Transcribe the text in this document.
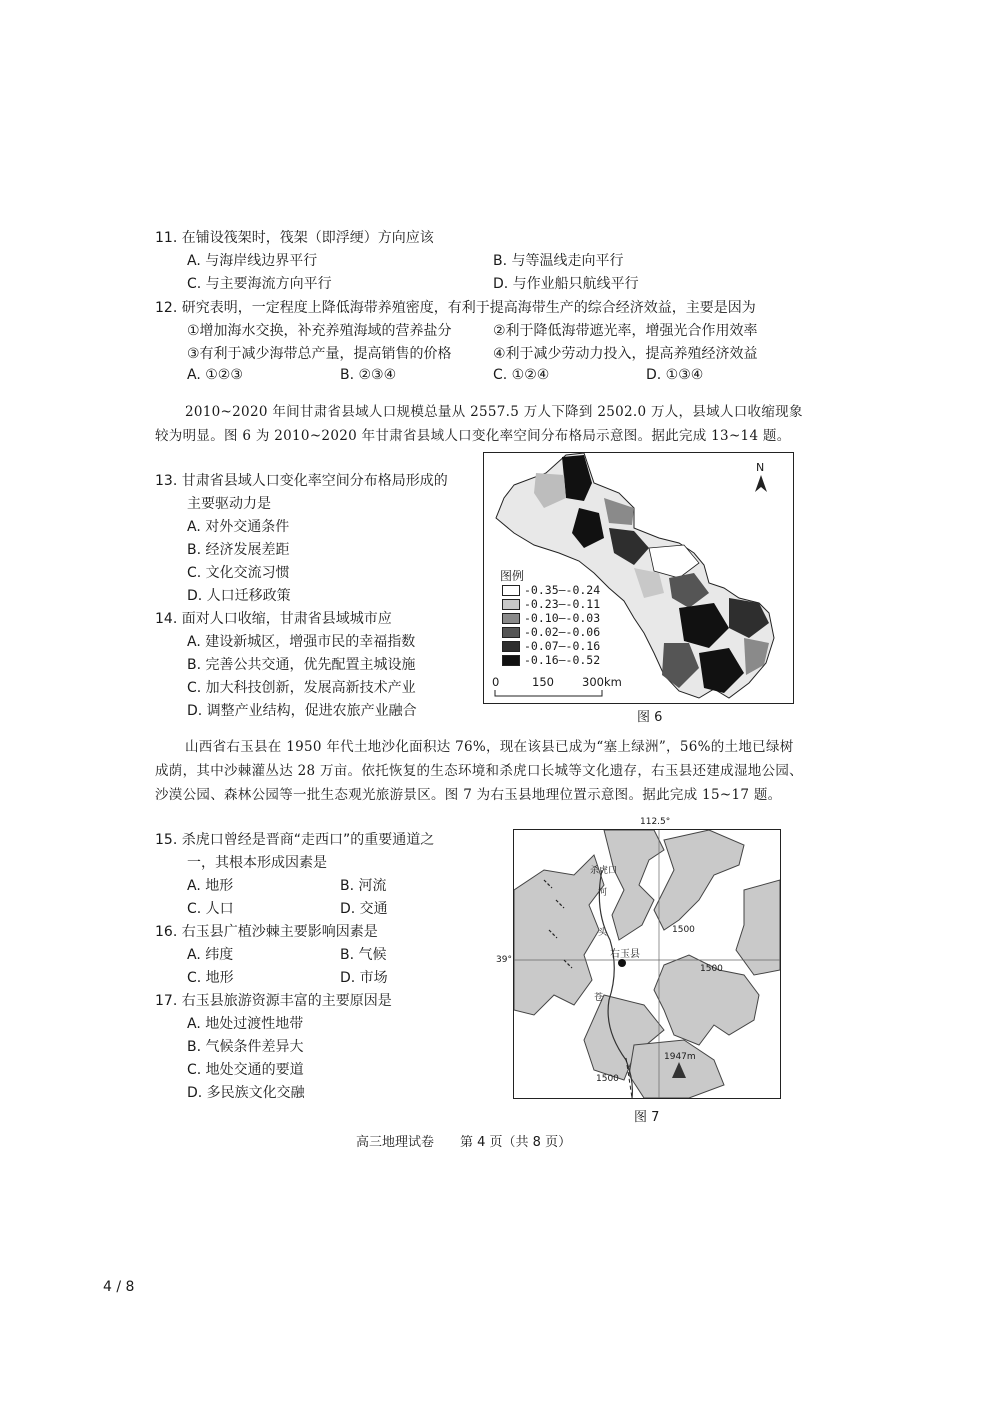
11. 在铺设筏架时，筏架（即浮绠）方向应该
A. 与海岸线边界平行	B. 与等温线走向平行
C. 与主要海流方向平行	D. 与作业船只航线平行
12. 研究表明，一定程度上降低海带养殖密度，有利于提高海带生产的综合经济效益，主要是因为
①增加海水交换，补充养殖海域的营养盐分	②利于降低海带遮光率，增强光合作用效率
③有利于减少海带总产量，提高销售的价格	④利于减少劳动力投入，提高养殖经济效益
A. ①②③	B. ②③④	C. ①②④	D. ①③④
2010~2020 年间甘肃省县域人口规模总量从 2557.5 万人下降到 2502.0 万人，县域人口收缩现象较为明显。图 6 为 2010~2020 年甘肃省县域人口变化率空间分布格局示意图。据此完成 13~14 题。
13. 甘肃省县域人口变化率空间分布格局形成的
主要驱动力是
A. 对外交通条件
B. 经济发展差距
C. 文化交流习惯
D. 人口迁移政策
14. 面对人口收缩，甘肃省县域城市应
A. 建设新城区，增强市民的幸福指数
B. 完善公共交通，优先配置主城设施
C. 加大科技创新，发展高新技术产业
D. 调整产业结构，促进农旅产业融合
N
图例
-0.35–-0.24
-0.23–-0.11
-0.10–-0.03
-0.02–-0.06
-0.07–-0.16
-0.16–-0.52
0	150 300km
图 6
山西省右玉县在 1950 年代土地沙化面积达 76%，现在该县已成为“塞上绿洲”，56%的土地已绿树成荫，其中沙棘灌丛达 28 万亩。依托恢复的生态环境和杀虎口长城等文化遗存，右玉县还建成湿地公园、沙漠公园、森林公园等一批生态观光旅游景区。图 7 为右玉县地理位置示意图。据此完成 15~17 题。
15. 杀虎口曾经是晋商“走西口”的重要通道之
一，其根本形成因素是
A. 地形	B. 河流
C. 人口	D. 交通
16. 右玉县广植沙棘主要影响因素是
A. 纬度	B. 气候
C. 地形	D. 市场
17. 右玉县旅游资源丰富的主要原因是
A. 地处过渡性地带
B. 气候条件差异大
C. 地处交通的要道
D. 多民族文化交融
112.5°
39°
杀虎口
河
头
苍
右玉县
1500
1500
1500
1947m
图 7
高三地理试卷　　第 4 页（共 8 页）
4 / 8
